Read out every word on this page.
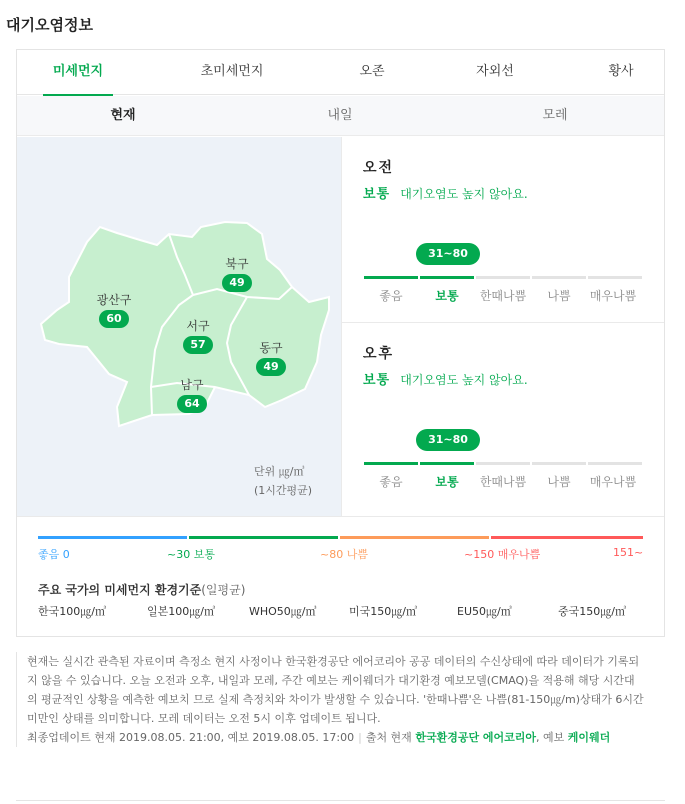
대기오염정보
미세먼지	초미세먼지	오존	자외선	황사
현재	내일	모레
북구
49
광산구
60
서구
57	동구
49
남구
64
단위 ㎍/㎥
(1시간평균)
오전
보통 대기오염도 높지 않아요.
31~80
좋음	보통	한때나쁨	나쁨	매우나쁨
오후
보통 대기오염도 높지 않아요.
31~80
좋음	보통	한때나쁨	나쁨	매우나쁨
좋음 0	~30 보통	~80 나쁨	~150 매우나쁨	151~
주요 국가의 미세먼지 환경기준(일평균)
한국100㎍/㎥	일본100㎍/㎥	WHO50㎍/㎥	미국150㎍/㎥	EU50㎍/㎥	중국150㎍/㎥
현재는 실시간 관측된 자료이며 측정소 현지 사정이나 한국환경공단 에어코리아 공공 데이터의 수신상태에 따라 데이터가 기록되지 않을 수 있습니다. 오늘 오전과 오후, 내일과 모레, 주간 예보는 케이웨더가 대기환경 예보모델(CMAQ)을 적용해 해당 시간대의 평균적인 상황을 예측한 예보치 므로 실제 측정치와 차이가 발생할 수 있습니다. '한때나쁨'은 나쁨(81-150㎍/m)상태가 6시간 미만인 상태를 의미합니다. 모레 데이터는 오전 5시 이후 업데이트 됩니다.
최종업데이트 현재 2019.08.05. 21:00, 예보 2019.08.05. 17:00 | 출처 현재 한국환경공단 에어코리아, 예보 케이웨더
